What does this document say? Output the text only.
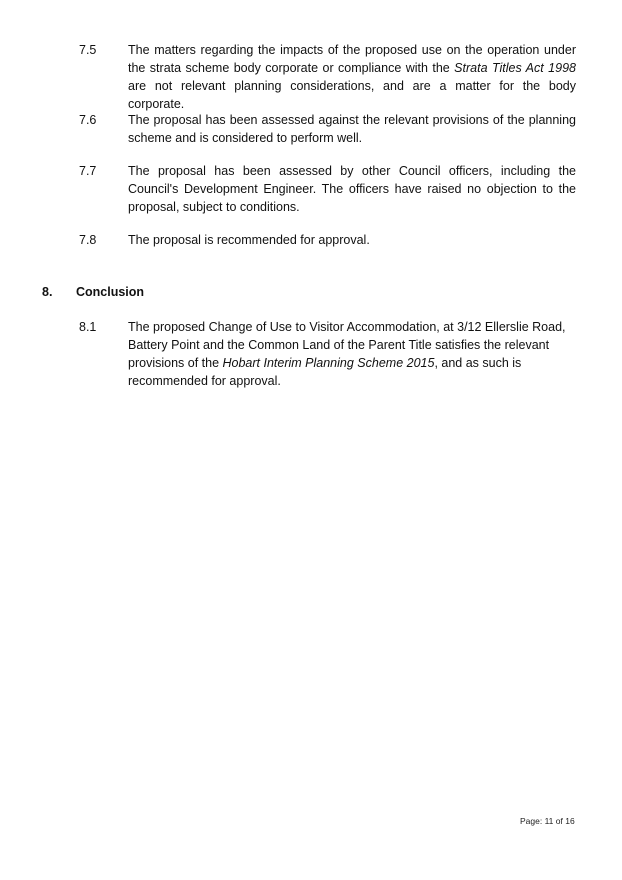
7.5	The matters regarding the impacts of the proposed use on the operation under the strata scheme body corporate or compliance with the Strata Titles Act 1998 are not relevant planning considerations, and are a matter for the body corporate.
7.6	The proposal has been assessed against the relevant provisions of the planning scheme and is considered to perform well.
7.7	The proposal has been assessed by other Council officers, including the Council's Development Engineer. The officers have raised no objection to the proposal, subject to conditions.
7.8	The proposal is recommended for approval.
8. Conclusion
8.1	The proposed Change of Use to Visitor Accommodation, at 3/12 Ellerslie Road,
Battery Point and the Common Land of the Parent Title satisfies the relevant
provisions of the Hobart Interim Planning Scheme 2015, and as such is
recommended for approval.
Page: 11 of 16
